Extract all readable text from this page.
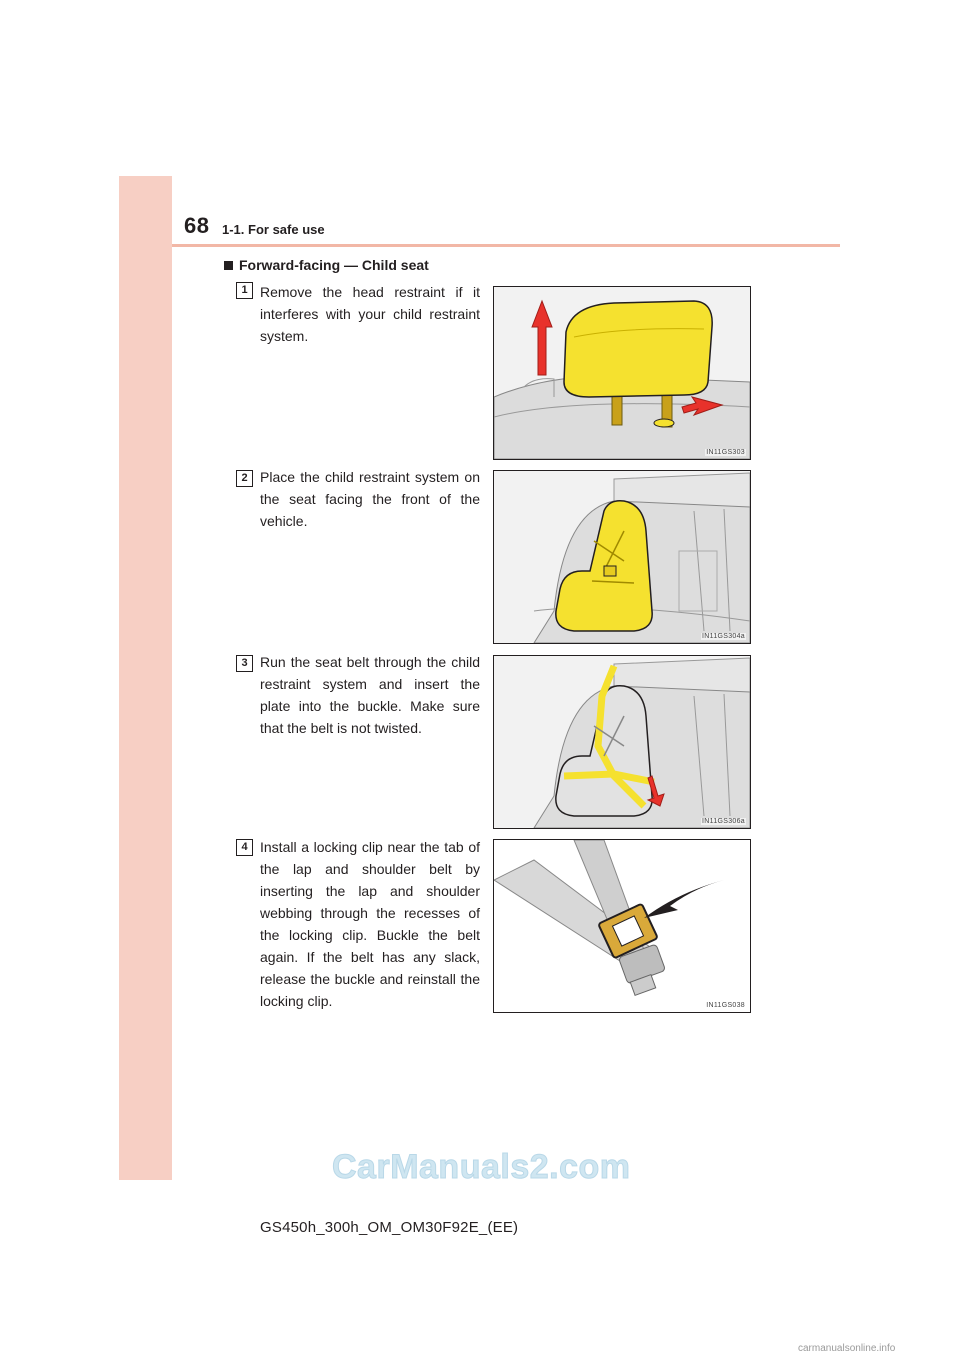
68 1-1. For safe use
Forward-facing — Child seat
1 Remove the head restraint if it interferes with your child restraint system.
IN11GS303
2 Place the child restraint system on the seat facing the front of the vehicle.
IN11GS304a
3 Run the seat belt through the child restraint system and insert the plate into the buckle. Make sure that the belt is not twisted.
IN11GS306a
4 Install a locking clip near the tab of the lap and shoulder belt by inserting the lap and shoulder webbing through the recesses of the locking clip. Buckle the belt again. If the belt has any slack, release the buckle and reinstall the locking clip.	IN11GS038
CarManuals2.com
GS450h_300h_OM_OM30F92E_(EE)
carmanualsonline.info
